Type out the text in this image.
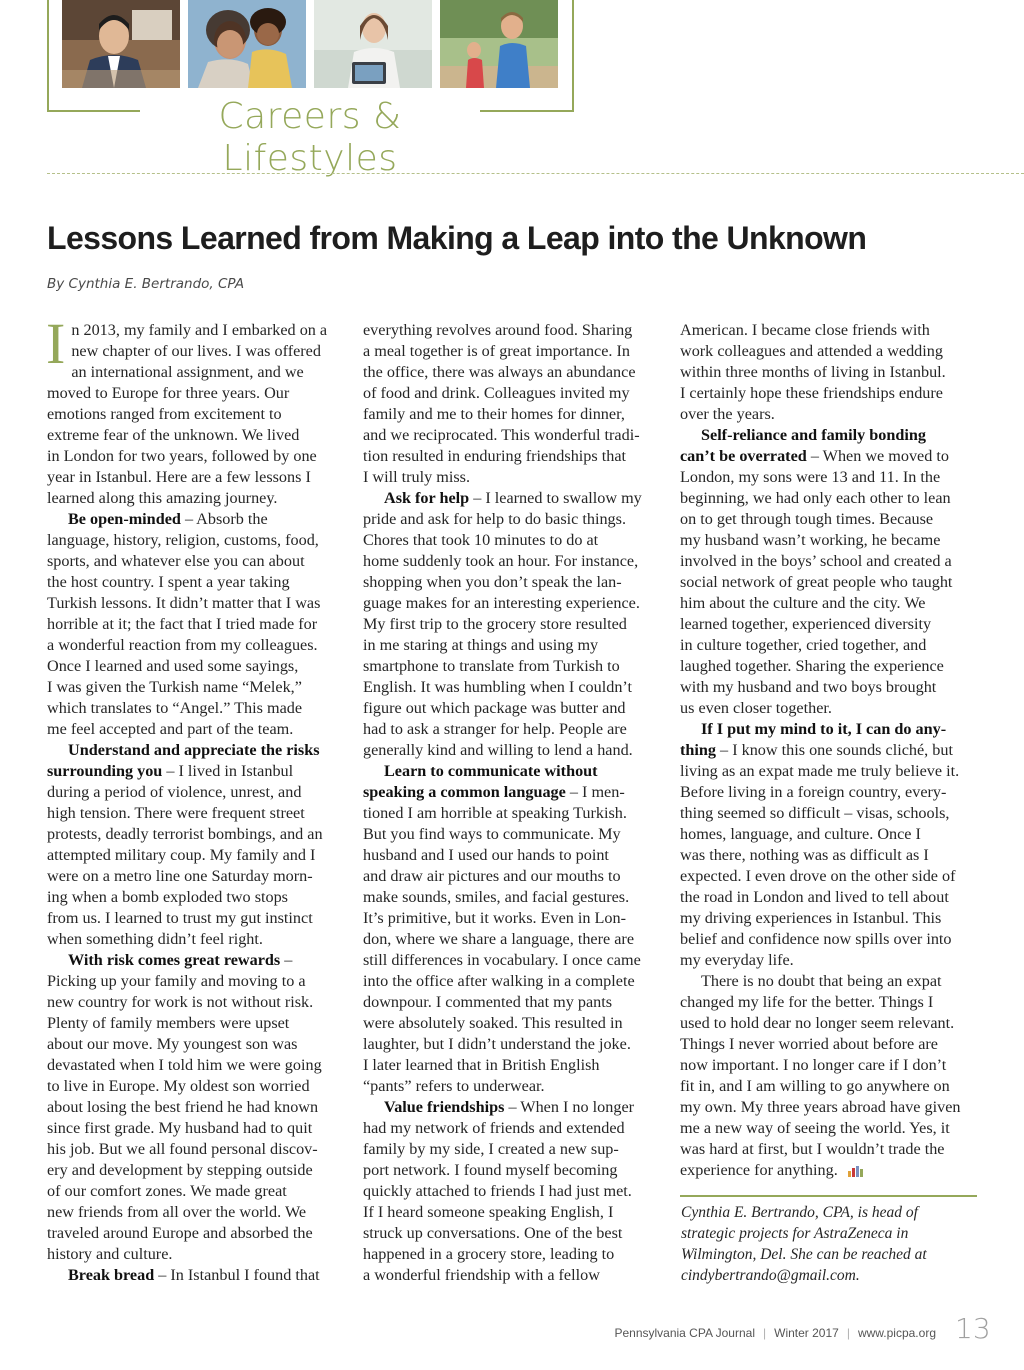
Careers & Lifestyles
Lessons Learned from Making a Leap into the Unknown
By Cynthia E. Bertrando, CPA
I n 2013, my family and I embarked on a

new chapter of our lives. I was offered

an international assignment, and we

moved to Europe for three years. Our

emotions ranged from excitement to

extreme fear of the unknown. We lived

in London for two years, followed by one

year in Istanbul. Here are a few lessons I

learned along this amazing journey.

Be open-minded – Absorb the

language, history, religion, customs, food,

sports, and whatever else you can about

the host country. I spent a year taking

Turkish lessons. It didn’t matter that I was

horrible at it; the fact that I tried made for

a wonderful reaction from my colleagues.

Once I learned and used some sayings,

I was given the Turkish name “Melek,”

which translates to “Angel.” This made

me feel accepted and part of the team.

Understand and appreciate the risks

surrounding you – I lived in Istanbul

during a period of violence, unrest, and

high tension. There were frequent street

protests, deadly terrorist bombings, and an

attempted military coup. My family and I

were on a metro line one Saturday morn-

ing when a bomb exploded two stops

from us. I learned to trust my gut instinct

when something didn’t feel right.

With risk comes great rewards –

Picking up your family and moving to a

new country for work is not without risk.

Plenty of family members were upset

about our move. My youngest son was

devastated when I told him we were going

to live in Europe. My oldest son worried

about losing the best friend he had known

since first grade. My husband had to quit

his job. But we all found personal discov-

ery and development by stepping outside

of our comfort zones. We made great

new friends from all over the world. We

traveled around Europe and absorbed the

history and culture.

Break bread – In Istanbul I found that

everything revolves around food. Sharing

a meal together is of great importance. In

the office, there was always an abundance

of food and drink. Colleagues invited my

family and me to their homes for dinner,

and we reciprocated. This wonderful tradi-

tion resulted in enduring friendships that

I will truly miss.

Ask for help – I learned to swallow my

pride and ask for help to do basic things.

Chores that took 10 minutes to do at

home suddenly took an hour. For instance,

shopping when you don’t speak the lan-

guage makes for an interesting experience.

My first trip to the grocery store resulted

in me staring at things and using my

smartphone to translate from Turkish to

English. It was humbling when I couldn’t

figure out which package was butter and

had to ask a stranger for help. People are

generally kind and willing to lend a hand.

Learn to communicate without

speaking a common language – I men-

tioned I am horrible at speaking Turkish.

But you find ways to communicate. My

husband and I used our hands to point

and draw air pictures and our mouths to

make sounds, smiles, and facial gestures.

It’s primitive, but it works. Even in Lon-

don, where we share a language, there are

still differences in vocabulary. I once came

into the office after walking in a complete

downpour. I commented that my pants

were absolutely soaked. This resulted in

laughter, but I didn’t understand the joke.

I later learned that in British English

“pants” refers to underwear.

Value friendships – When I no longer

had my network of friends and extended

family by my side, I created a new sup-

port network. I found myself becoming

quickly attached to friends I had just met.

If I heard someone speaking English, I

struck up conversations. One of the best

happened in a grocery store, leading to

a wonderful friendship with a fellow

American. I became close friends with

work colleagues and attended a wedding

within three months of living in Istanbul.

I certainly hope these friendships endure

over the years.

Self-reliance and family bonding

can’t be overrated – When we moved to

London, my sons were 13 and 11. In the

beginning, we had only each other to lean

on to get through tough times. Because

my husband wasn’t working, he became

involved in the boys’ school and created a

social network of great people who taught

him about the culture and the city. We

learned together, experienced diversity

in culture together, cried together, and

laughed together. Sharing the experience

with my husband and two boys brought

us even closer together.

If I put my mind to it, I can do any-

thing – I know this one sounds cliché, but

living as an expat made me truly believe it.

Before living in a foreign country, every-

thing seemed so difficult – visas, schools,

homes, language, and culture. Once I

was there, nothing was as difficult as I

expected. I even drove on the other side of

the road in London and lived to tell about

my driving experiences in Istanbul. This

belief and confidence now spills over into

my everyday life.

There is no doubt that being an expat

changed my life for the better. Things I

used to hold dear no longer seem relevant.

Things I never worried about before are

now important. I no longer care if I don’t

fit in, and I am willing to go anywhere on

my own. My three years abroad have given

me a new way of seeing the world. Yes, it

was hard at first, but I wouldn’t trade the

experience for anything.

Cynthia E. Bertrando, CPA, is head of

strategic projects for AstraZeneca in

Wilmington, Del. She can be reached at

cindybertrando@gmail.com.

Pennsylvania CPA Journal | Winter 2017 | www.picpa.org 13
